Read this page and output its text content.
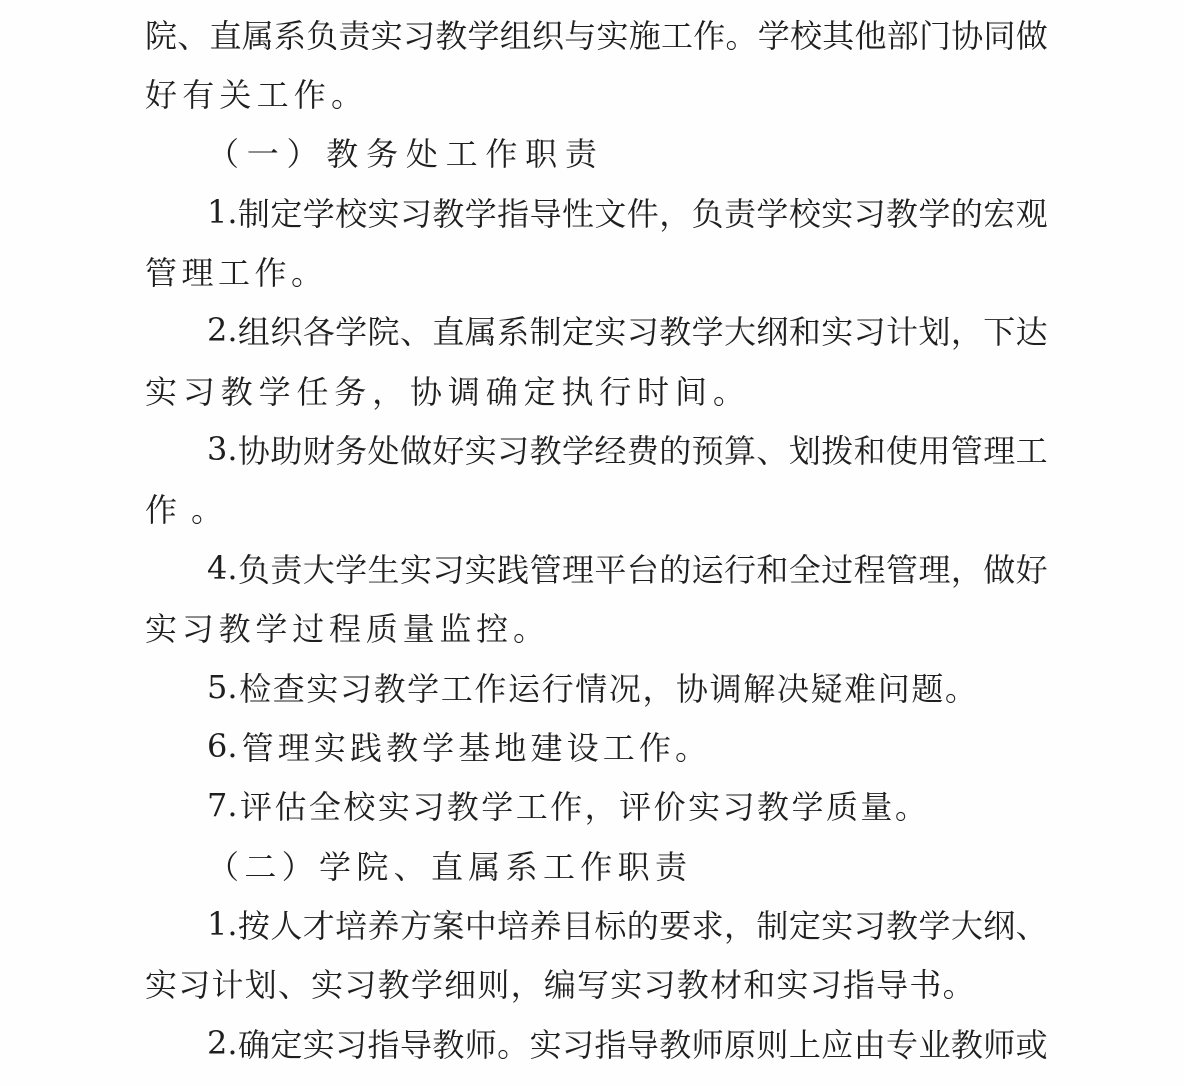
院 、 直 属 系 负 责 实 习 教 学 组 织 与 实 施 工 作 。 学 校 其 他 部 门 协 同 做
好 有 关 工 作 。
（ 一 ） 教 务 处 工 作 职 责
1. 制 定 学 校 实 习 教 学 指 导 性 文 件 ， 负 责 学 校 实 习 教 学 的 宏 观
管 理 工 作 。
2. 组 织 各 学 院 、 直 属 系 制 定 实 习 教 学 大 纲 和 实 习 计 划 ， 下 达
实 习 教 学 任 务 ， 协 调 确 定 执 行 时 间 。
3. 协 助 财 务 处 做 好 实 习 教 学 经 费 的 预 算 、 划 拨 和 使 用 管 理 工
作 。
4. 负 责 大 学 生 实 习 实 践 管 理 平 台 的 运 行 和 全 过 程 管 理 ， 做 好
实 习 教 学 过 程 质 量 监 控 。
5. 检 查 实 习 教 学 工 作 运 行 情 况 ， 协 调 解 决 疑 难 问 题 。
6. 管 理 实 践 教 学 基 地 建 设 工 作 。
7. 评 估 全 校 实 习 教 学 工 作 ， 评 价 实 习 教 学 质 量 。
（ 二 ） 学 院 、 直 属 系 工 作 职 责
1. 按 人 才 培 养 方 案 中 培 养 目 标 的 要 求 ， 制 定 实 习 教 学 大 纲 、
实 习 计 划 、 实 习 教 学 细 则 ， 编 写 实 习 教 材 和 实 习 指 导 书 。
2. 确 定 实 习 指 导 教 师 。 实 习 指 导 教 师 原 则 上 应 由 专 业 教 师 或
